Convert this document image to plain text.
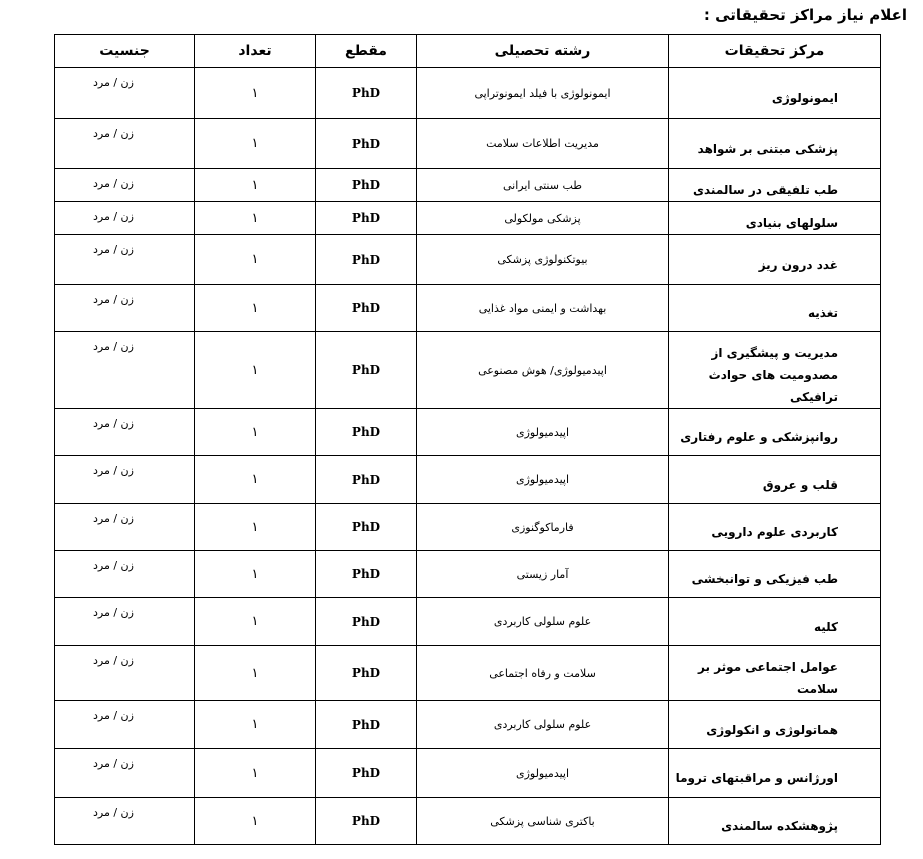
اعلام نیاز مراکز تحقیقاتی :
مرکز تحقیقات	رشته تحصیلی	مقطع	تعداد	جنسیت
ایمونولوژی	ایمونولوژی با فیلد ایمونوتراپی	PhD	۱	زن / مرد
پزشکی مبتنی بر شواهد	مدیریت اطلاعات سلامت	PhD	۱	زن / مرد
طب تلفیقی در سالمندی	طب سنتی ایرانی	PhD	۱	زن / مرد
سلولهای بنیادی	پزشکی مولکولی	PhD	۱	زن / مرد
غدد درون ریز	بیوتکنولوژی پزشکی	PhD	۱	زن / مرد
تغذیه	بهداشت و ایمنی مواد غذایی	PhD	۱	زن / مرد
مدیریت و پیشگیری از مصدومیت های حوادث ترافیکی	اپیدمیولوژی/ هوش مصنوعی	PhD	۱	زن / مرد
روانپزشکی و علوم رفتاری	اپیدمیولوژی	PhD	۱	زن / مرد
قلب و عروق	اپیدمیولوژی	PhD	۱	زن / مرد
کاربردی علوم دارویی	فارماکوگنوزی	PhD	۱	زن / مرد
طب فیزیکی و توانبخشی	آمار زیستی	PhD	۱	زن / مرد
کلیه	علوم سلولی کاربردی	PhD	۱	زن / مرد
عوامل اجتماعی موثر بر سلامت	سلامت و رفاه اجتماعی	PhD	۱	زن / مرد
هماتولوژی و انکولوژی	علوم سلولی کاربردی	PhD	۱	زن / مرد
اورژانس و مراقبتهای تروما	اپیدمیولوژی	PhD	۱	زن / مرد
پژوهشکده سالمندی	باکتری شناسی پزشکی	PhD	۱	زن / مرد
